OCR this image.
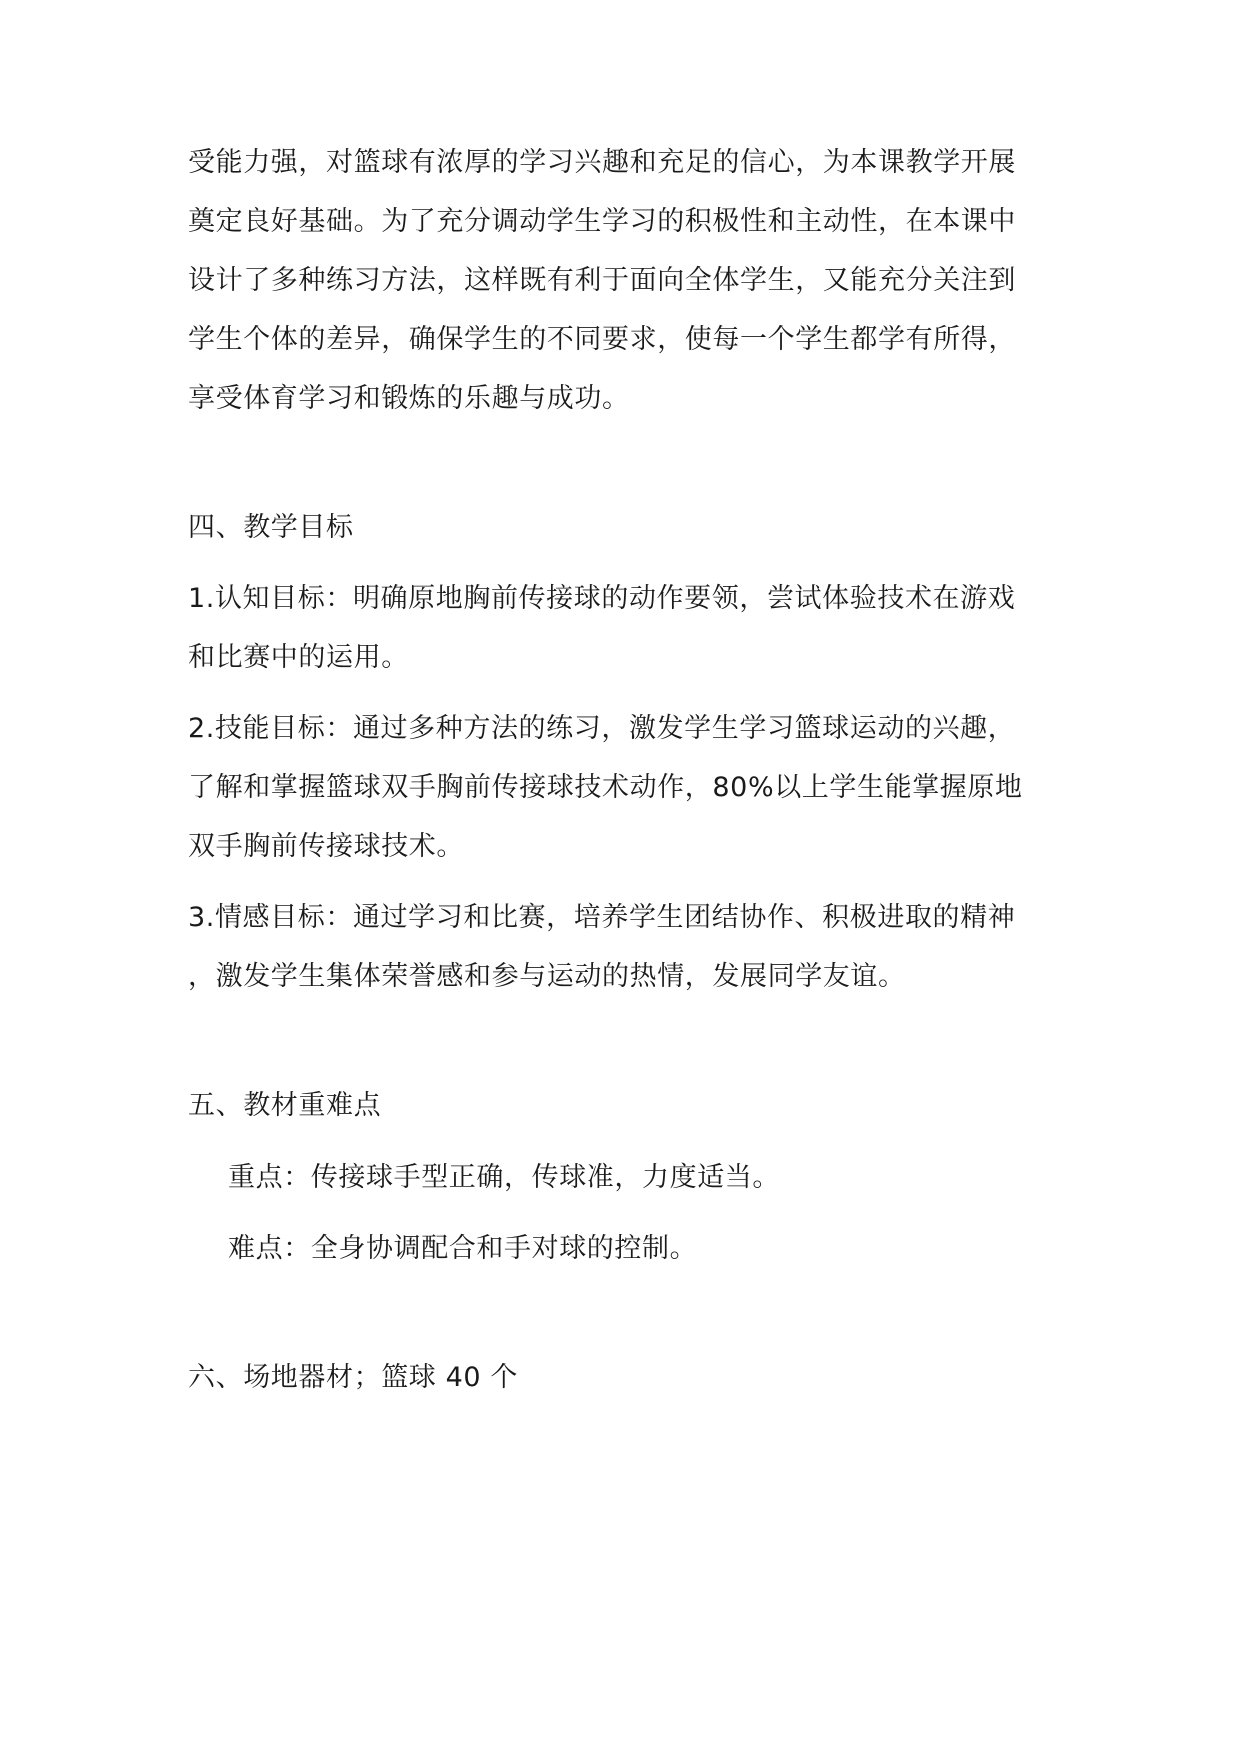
受能力强，对篮球有浓厚的学习兴趣和充足的信心，为本课教学开展
奠定良好基础。为了充分调动学生学习的积极性和主动性，在本课中
设计了多种练习方法，这样既有利于面向全体学生，又能充分关注到
学生个体的差异，确保学生的不同要求，使每一个学生都学有所得，
享受体育学习和锻炼的乐趣与成功。
四、教学目标
1.认知目标：明确原地胸前传接球的动作要领，尝试体验技术在游戏
和比赛中的运用。
2.技能目标：通过多种方法的练习，激发学生学习篮球运动的兴趣，
了解和掌握篮球双手胸前传接球技术动作，80%以上学生能掌握原地
双手胸前传接球技术。
3.情感目标：通过学习和比赛，培养学生团结协作、积极进取的精神
，激发学生集体荣誉感和参与运动的热情，发展同学友谊。
五、教材重难点
重点：传接球手型正确，传球准，力度适当。
难点：全身协调配合和手对球的控制。
六、场地器材；篮球 40 个
